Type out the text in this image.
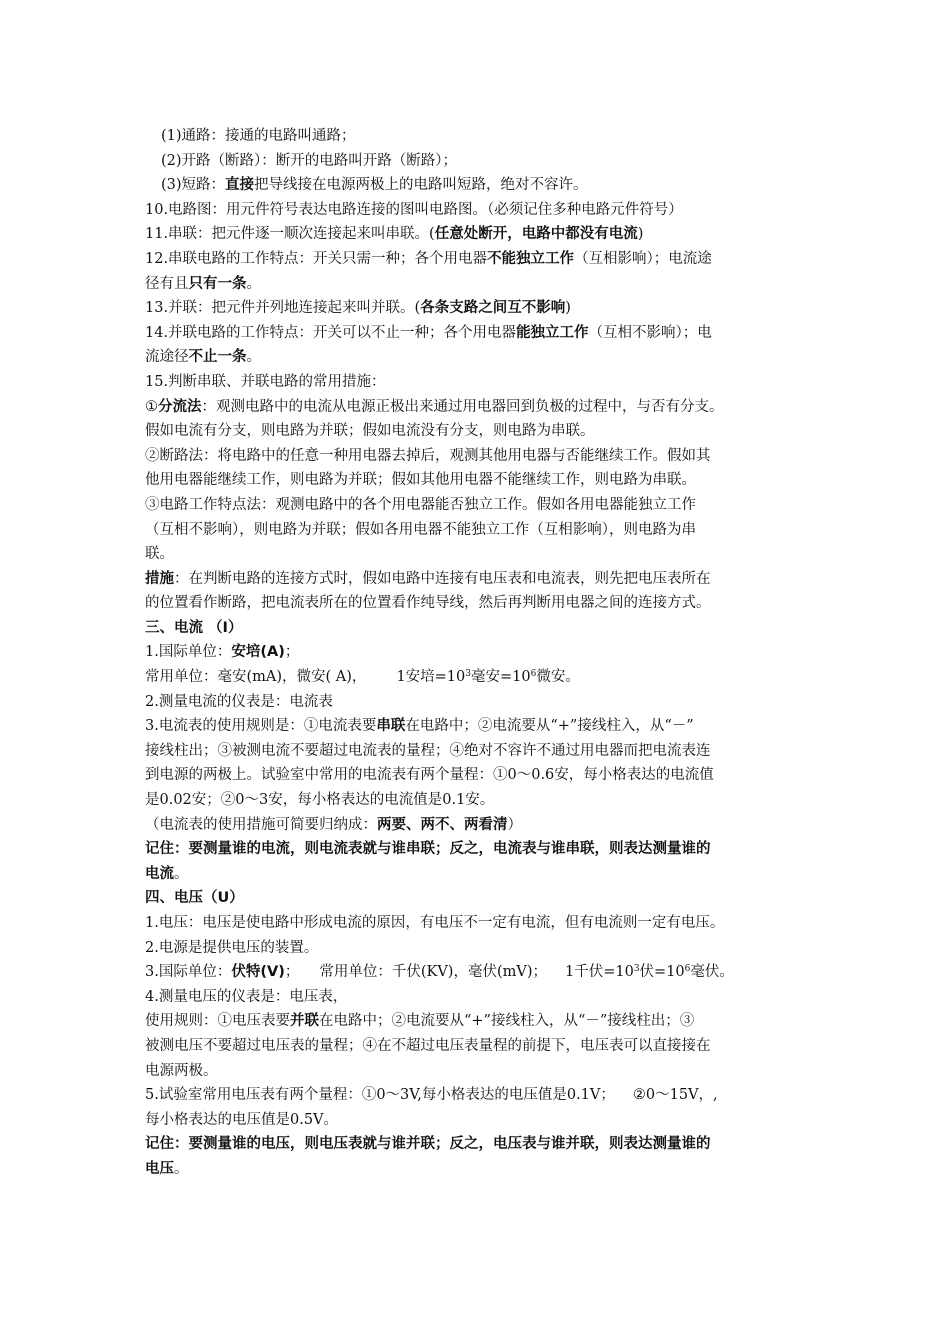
(1)通路：接通的电路叫通路；
(2)开路（断路）：断开的电路叫开路（断路）；
(3)短路：直接把导线接在电源两极上的电路叫短路，绝对不容许。
10.电路图：用元件符号表达电路连接的图叫电路图。（必须记住多种电路元件符号）
11.串联：把元件逐一顺次连接起来叫串联。(任意处断开，电路中都没有电流)
12.串联电路的工作特点：开关只需一种；各个用电器不能独立工作（互相影响）；电流途
径有且只有一条。
13.并联：把元件并列地连接起来叫并联。(各条支路之间互不影响)
14.并联电路的工作特点：开关可以不止一种；各个用电器能独立工作（互相不影响）；电
流途径不止一条。
15.判断串联、并联电路的常用措施：
①分流法：观测电路中的电流从电源正极出来通过用电器回到负极的过程中，与否有分支。
假如电流有分支，则电路为并联；假如电流没有分支，则电路为串联。
②断路法：将电路中的任意一种用电器去掉后，观测其他用电器与否能继续工作。假如其
他用电器能继续工作，则电路为并联；假如其他用电器不能继续工作，则电路为串联。
③电路工作特点法：观测电路中的各个用电器能否独立工作。假如各用电器能独立工作
（互相不影响），则电路为并联；假如各用电器不能独立工作（互相影响），则电路为串
联。
措施：在判断电路的连接方式时，假如电路中连接有电压表和电流表，则先把电压表所在
的位置看作断路，把电流表所在的位置看作纯导线，然后再判断用电器之间的连接方式。
三、电流 （I）
1.国际单位：安培(A)；
常用单位：毫安(mA)，微安( A)， 1安培$=10^3$毫安$=10^6$微安。
2.测量电流的仪表是：电流表
3.电流表的使用规则是：①电流表要串联在电路中；②电流要从“+”接线柱入，从“－”
接线柱出；③被测电流不要超过电流表的量程；④绝对不容许不通过用电器而把电流表连
到电源的两极上。试验室中常用的电流表有两个量程：①0～0.6安，每小格表达的电流值
是0.02安；②0～3安，每小格表达的电流值是0.1安。
（电流表的使用措施可简要归纳成：两要、两不、两看清）
记住：要测量谁的电流，则电流表就与谁串联；反之，电流表与谁串联，则表达测量谁的
电流。
四、电压（U）
1.电压：电压是使电路中形成电流的原因，有电压不一定有电流，但有电流则一定有电压。
2.电源是提供电压的装置。
3.国际单位：伏特(V)； 常用单位：千伏(KV)，毫伏(mV)； 1千伏$=10^3$伏$=10^6$毫伏。
4.测量电压的仪表是：电压表，
使用规则：①电压表要并联在电路中；②电流要从“+”接线柱入，从“－”接线柱出；③
被测电压不要超过电压表的量程；④在不超过电压表量程的前提下，电压表可以直接接在
电源两极。
5.试验室常用电压表有两个量程：①0～3V,每小格表达的电压值是0.1V； ②0～15V，,
每小格表达的电压值是0.5V。
记住：要测量谁的电压，则电压表就与谁并联；反之，电压表与谁并联，则表达测量谁的
电压。
